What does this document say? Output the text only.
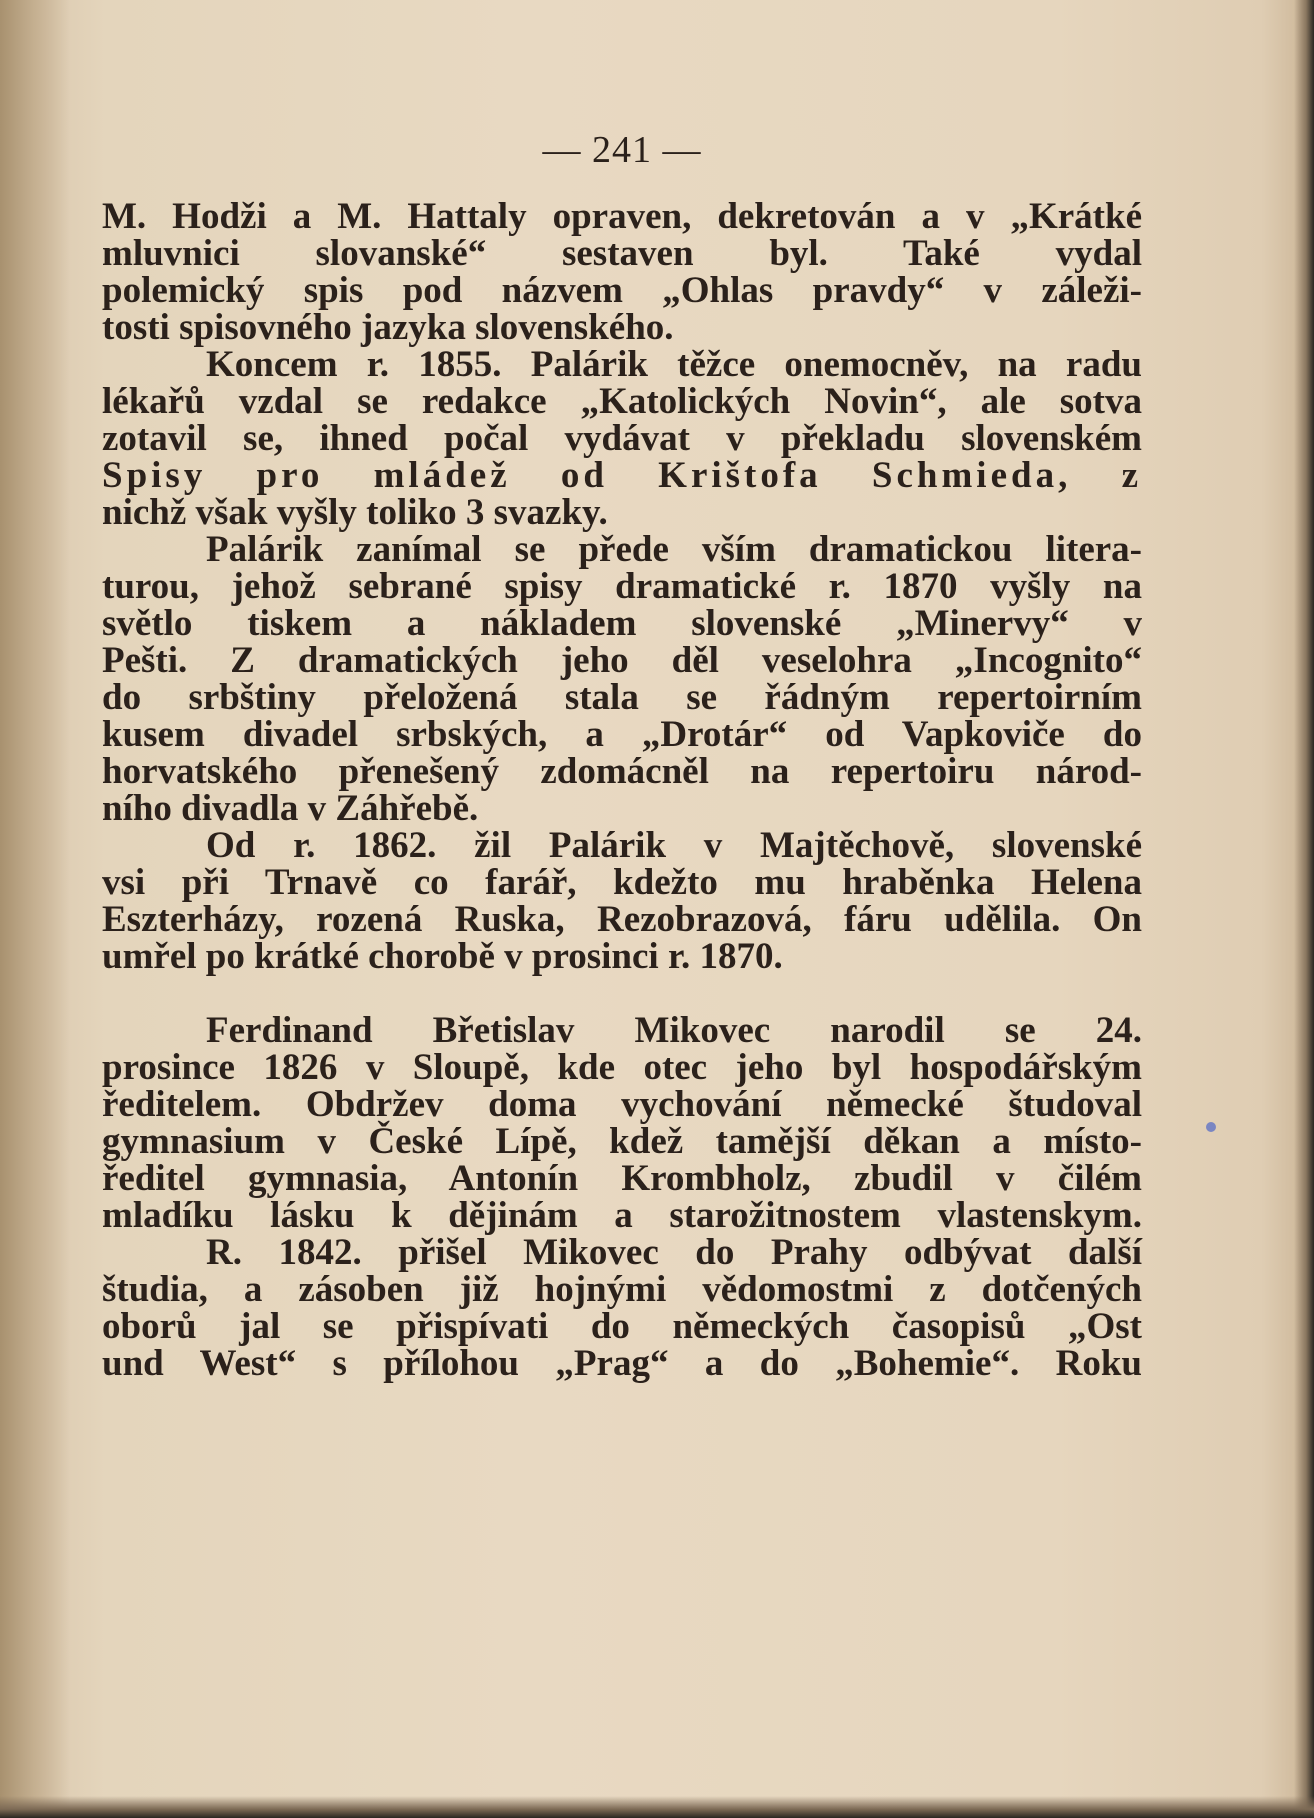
— 241 —
M. Hodži a M. Hattaly opraven, dekretován a v „Krátké
mluvnici slovanské“ sestaven byl. Také vydal
polemický spis pod názvem „Ohlas pravdy“ v záleži-
tosti spisovného jazyka slovenského.
Koncem r. 1855. Palárik těžce onemocněv, na radu
lékařů vzdal se redakce „Katolických Novin“, ale sotva
zotavil se, ihned počal vydávat v překladu slovenském
Spisy pro mládež od Krištofa Schmieda, z
nichž však vyšly toliko 3 svazky.
Palárik zanímal se přede vším dramatickou litera-
turou, jehož sebrané spisy dramatické r. 1870 vyšly na
světlo tiskem a nákladem slovenské „Minervy“ v
Pešti. Z dramatických jeho děl veselohra „Incognito“
do srbštiny přeložená stala se řádným repertoirním
kusem divadel srbských, a „Drotár“ od Vapkoviče do
horvatského přenešený zdomácněl na repertoiru národ-
ního divadla v Záhřebě.
Od r. 1862. žil Palárik v Majtěchově, slovenské
vsi při Trnavě co farář, kdežto mu hraběnka Helena
Eszterházy, rozená Ruska, Rezobrazová, fáru udělila. On
umřel po krátké chorobě v prosinci r. 1870.
Ferdinand Břetislav Mikovec narodil se 24.
prosince 1826 v Sloupě, kde otec jeho byl hospodářským
ředitelem. Obdržev doma vychování německé študoval
gymnasium v České Lípě, kdež tamější děkan a místo-
ředitel gymnasia, Antonín Krombholz, zbudil v čilém
mladíku lásku k dějinám a starožitnostem vlastenskym.
R. 1842. přišel Mikovec do Prahy odbývat další
študia, a zásoben již hojnými vědomostmi z dotčených
oborů jal se přispívati do německých časopisů „Ost
und West“ s přílohou „Prag“ a do „Bohemie“. Roku
